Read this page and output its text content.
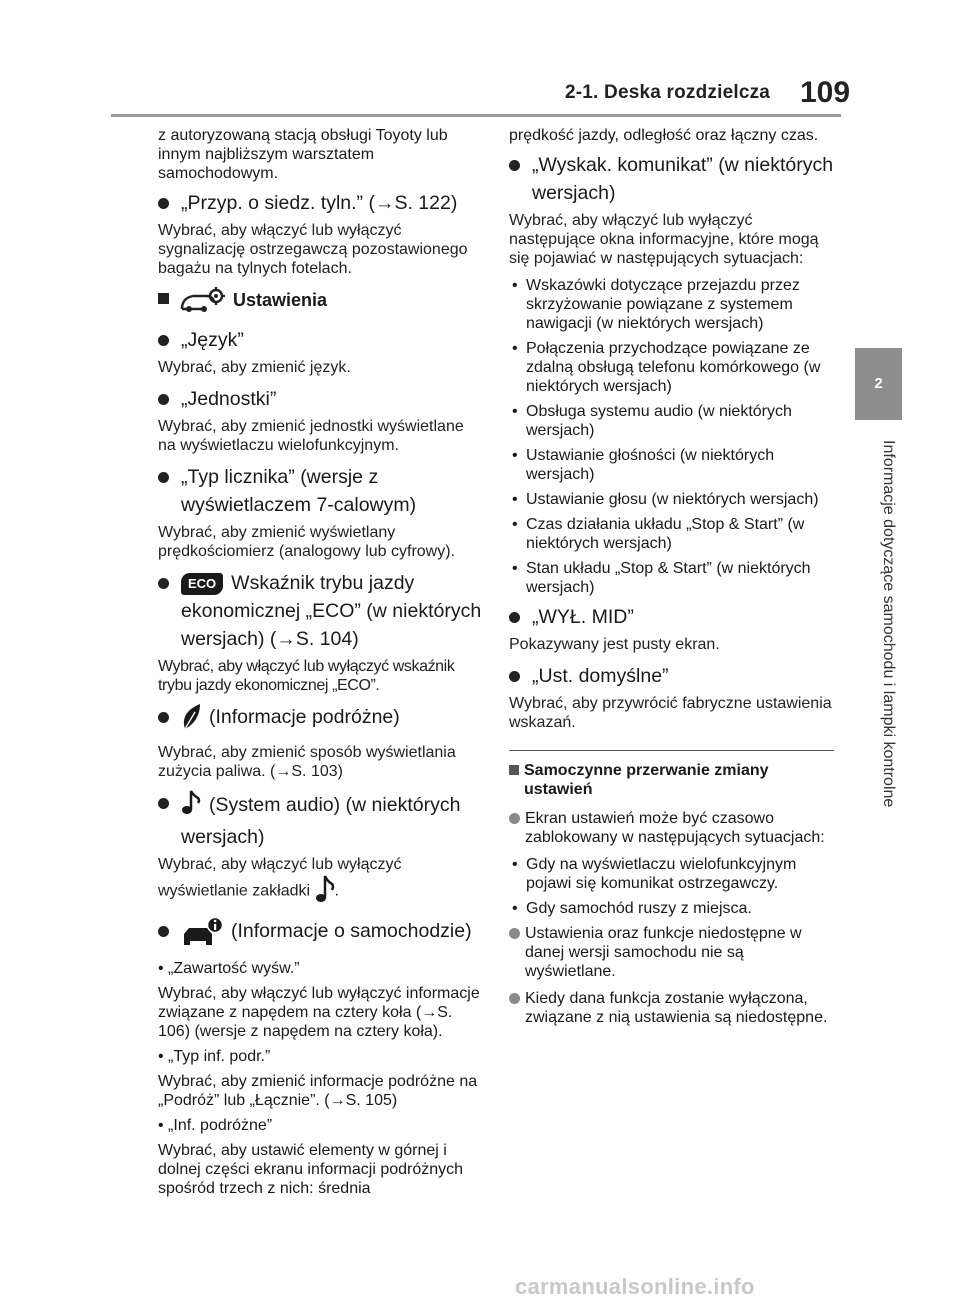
2-1. Deska rozdzielcza 109
2
Informacje dotyczące samochodu i lampki kontrolne

z autoryzowaną stacją obsługi Toyoty lub innym najbliższym warsztatem samochodowym.

„Przyp. o siedz. tyln.” (→S. 122)

Wybrać, aby włączyć lub wyłączyć sygnalizację ostrzegawczą pozostawionego bagażu na tylnych fotelach.

Ustawienia
„Język”

Wybrać, aby zmienić język.

„Jednostki”

Wybrać, aby zmienić jednostki wyświetlane na wyświetlaczu wielofunkcyjnym.

„Typ licznika” (wersje z wyświetlaczem 7-calowym)

Wybrać, aby zmienić wyświetlany prędkościomierz (analogowy lub cyfrowy).

ECO Wskaźnik trybu jazdy ekonomicznej „ECO” (w niektórych wersjach) (→S. 104)

Wybrać, aby włączyć lub wyłączyć wskaźnik trybu jazdy ekonomicznej „ECO”.

(Informacje podróżne)

Wybrać, aby zmienić sposób wyświetlania zużycia paliwa. (→S. 103)

(System audio) (w niektórych wersjach)

Wybrać, aby włączyć lub wyłączyć
wyświetlanie zakładki .

(Informacje o samochodzie)

• „Zawartość wyśw.”

Wybrać, aby włączyć lub wyłączyć informacje związane z napędem na cztery koła (→S. 106) (wersje z napędem na cztery koła).

• „Typ inf. podr.”

Wybrać, aby zmienić informacje podróżne na „Podróż” lub „Łącznie”. (→S. 105)

• „Inf. podróżne”

Wybrać, aby ustawić elementy w górnej i dolnej części ekranu informacji podróżnych spośród trzech z nich: średnia

prędkość jazdy, odległość oraz łączny czas.

„Wyskak. komunikat” (w niektórych wersjach)

Wybrać, aby włączyć lub wyłączyć następujące okna informacyjne, które mogą się pojawiać w następujących sytuacjach:

• Wskazówki dotyczące przejazdu przez skrzyżowanie powiązane z systemem nawigacji (w niektórych wersjach)
• Połączenia przychodzące powiązane ze zdalną obsługą telefonu komórkowego (w niektórych wersjach)
• Obsługa systemu audio (w niektórych wersjach)
• Ustawianie głośności (w niektórych wersjach)
• Ustawianie głosu (w niektórych wersjach)
• Czas działania układu „Stop & Start” (w niektórych wersjach)
• Stan układu „Stop & Start” (w niektórych wersjach)
„WYŁ. MID”

Pokazywany jest pusty ekran.

„Ust. domyślne”

Wybrać, aby przywrócić fabryczne ustawienia wskazań.

Samoczynne przerwanie zmiany ustawień
Ekran ustawień może być czasowo zablokowany w następujących sytuacjach:
• Gdy na wyświetlaczu wielofunkcyjnym pojawi się komunikat ostrzegawczy.
• Gdy samochód ruszy z miejsca.
Ustawienia oraz funkcje niedostępne w danej wersji samochodu nie są wyświetlane.
Kiedy dana funkcja zostanie wyłączona, związane z nią ustawienia są niedostępne.
carmanualsonline.info
